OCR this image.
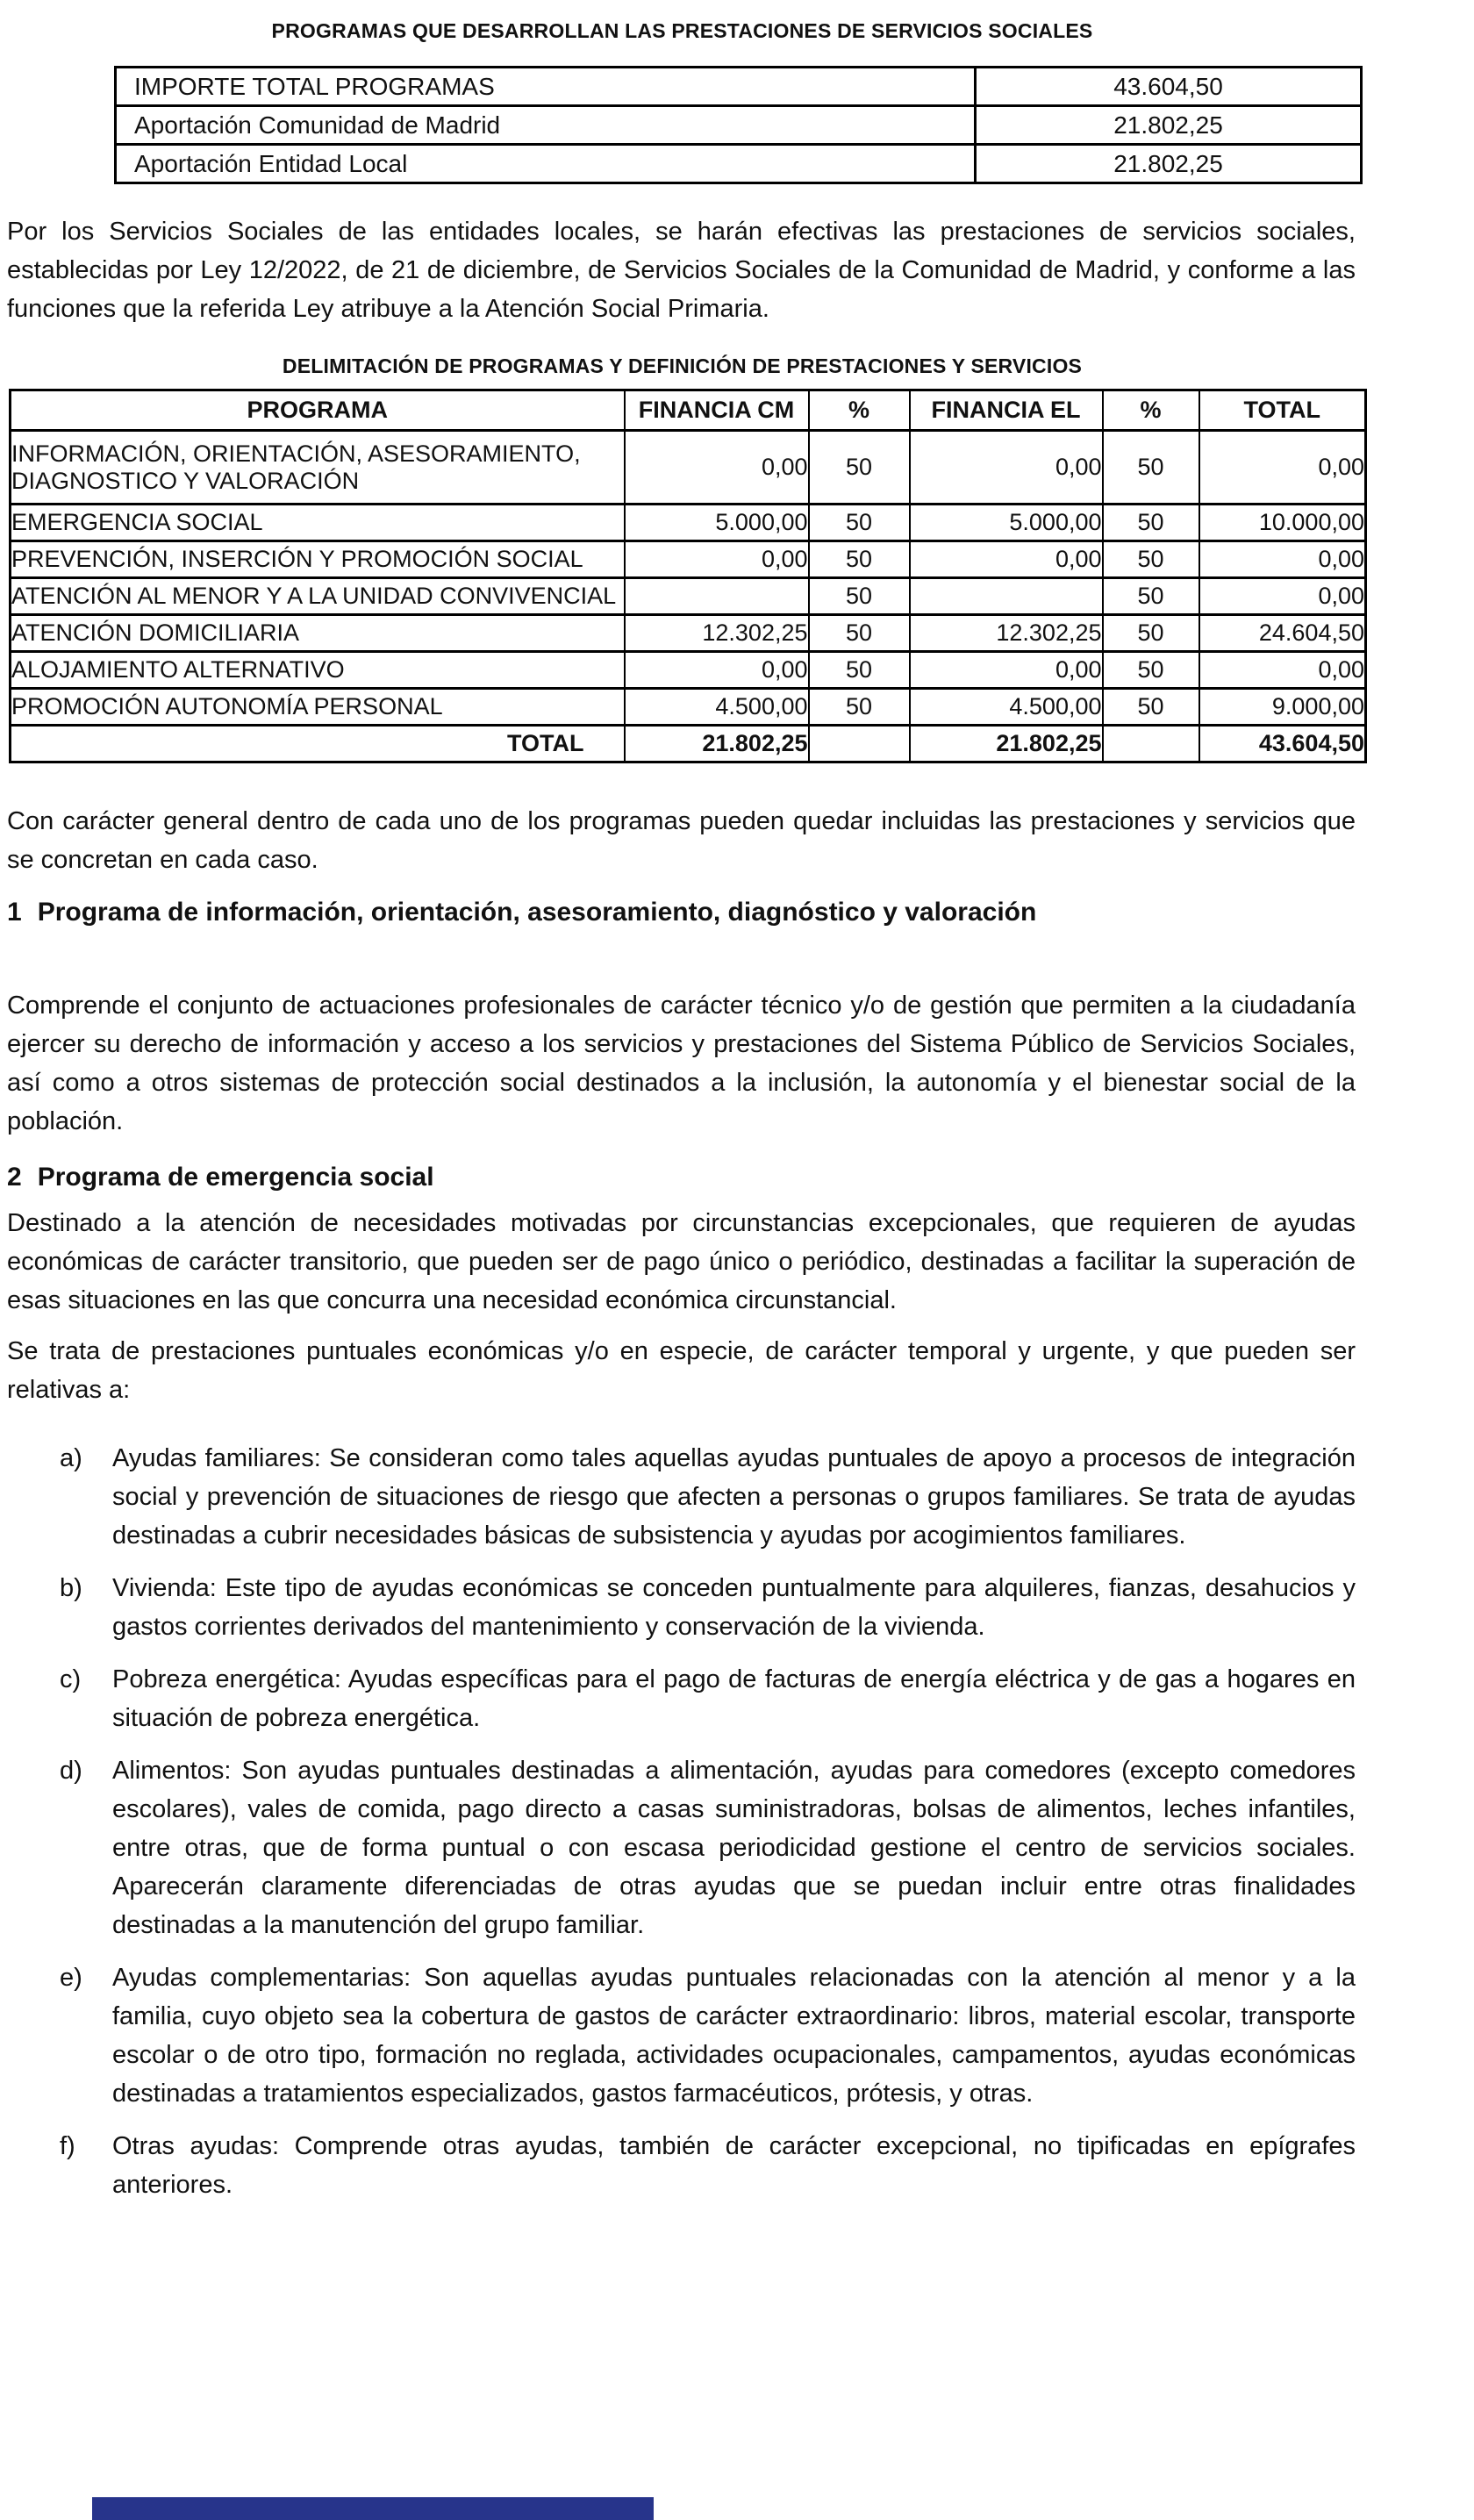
PROGRAMAS QUE DESARROLLAN LAS PRESTACIONES DE SERVICIOS SOCIALES
IMPORTE TOTAL PROGRAMAS	43.604,50
Aportación Comunidad de Madrid	21.802,25
Aportación Entidad Local	21.802,25

Por los Servicios Sociales de las entidades locales, se harán efectivas las prestaciones de servicios sociales, establecidas por Ley 12/2022, de 21 de diciembre, de Servicios Sociales de la Comunidad de Madrid, y conforme a las funciones que la referida Ley atribuye a la Atención Social Primaria.

DELIMITACIÓN DE PROGRAMAS Y DEFINICIÓN DE PRESTACIONES Y SERVICIOS
PROGRAMA	FINANCIA CM	%	FINANCIA EL	%	TOTAL
INFORMACIÓN, ORIENTACIÓN, ASESORAMIENTO, DIAGNOSTICO Y VALORACIÓN	0,00	50	0,00	50	0,00
EMERGENCIA SOCIAL	5.000,00	50	5.000,00	50	10.000,00
PREVENCIÓN, INSERCIÓN Y PROMOCIÓN SOCIAL	0,00	50	0,00	50	0,00
ATENCIÓN AL MENOR Y A LA UNIDAD CONVIVENCIAL		50		50	0,00
ATENCIÓN DOMICILIARIA	12.302,25	50	12.302,25	50	24.604,50
ALOJAMIENTO ALTERNATIVO	0,00	50	0,00	50	0,00
PROMOCIÓN AUTONOMÍA PERSONAL	4.500,00	50	4.500,00	50	9.000,00
TOTAL	21.802,25		21.802,25		43.604,50

Con carácter general dentro de cada uno de los programas pueden quedar incluidas las prestaciones y servicios que se concretan en cada caso.

1 Programa de información, orientación, asesoramiento, diagnóstico y valoración

Comprende el conjunto de actuaciones profesionales de carácter técnico y/o de gestión que permiten a la ciudadanía ejercer su derecho de información y acceso a los servicios y prestaciones del Sistema Público de Servicios Sociales, así como a otros sistemas de protección social destinados a la inclusión, la autonomía y el bienestar social de la población.

2 Programa de emergencia social

Destinado a la atención de necesidades motivadas por circunstancias excepcionales, que requieren de ayudas económicas de carácter transitorio, que pueden ser de pago único o periódico, destinadas a facilitar la superación de esas situaciones en las que concurra una necesidad económica circunstancial.

Se trata de prestaciones puntuales económicas y/o en especie, de carácter temporal y urgente, y que pueden ser relativas a:

a)	Ayudas familiares: Se consideran como tales aquellas ayudas puntuales de apoyo a procesos de integración social y prevención de situaciones de riesgo que afecten a personas o grupos familiares. Se trata de ayudas destinadas a cubrir necesidades básicas de subsistencia y ayudas por acogimientos familiares.
b)	Vivienda: Este tipo de ayudas económicas se conceden puntualmente para alquileres, fianzas, desahucios y gastos corrientes derivados del mantenimiento y conservación de la vivienda.
c)	Pobreza energética: Ayudas específicas para el pago de facturas de energía eléctrica y de gas a hogares en situación de pobreza energética.
d)	Alimentos: Son ayudas puntuales destinadas a alimentación, ayudas para comedores (excepto comedores escolares), vales de comida, pago directo a casas suministradoras, bolsas de alimentos, leches infantiles, entre otras, que de forma puntual o con escasa periodicidad gestione el centro de servicios sociales. Aparecerán claramente diferenciadas de otras ayudas que se puedan incluir entre otras finalidades destinadas a la manutención del grupo familiar.
e)	Ayudas complementarias: Son aquellas ayudas puntuales relacionadas con la atención al menor y a la familia, cuyo objeto sea la cobertura de gastos de carácter extraordinario: libros, material escolar, transporte escolar o de otro tipo, formación no reglada, actividades ocupacionales, campamentos, ayudas económicas destinadas a tratamientos especializados, gastos farmacéuticos, prótesis, y otras.
f)	Otras ayudas: Comprende otras ayudas, también de carácter excepcional, no tipificadas en epígrafes anteriores.
